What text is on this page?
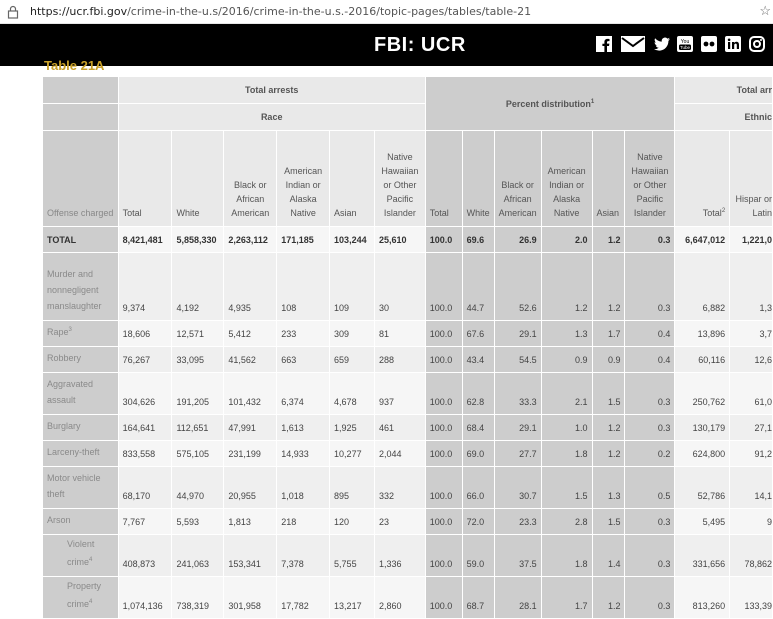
https://ucr.fbi.gov/crime-in-the-u.s/2016/crime-in-the-u.s.-2016/topic-pages/tables/table-21	☆
FBI: UCR	You
Tube
Table 21A
	Total arrests						Percent distribution$^1$						Total arr	
	Race												Ethnic	
Offense charged	Total	White	Black or African American	American Indian or Alaska Native	Asian	Native Hawaiian or Other Pacific Islander	Total	White	Black or African American	American Indian or Alaska Native	Asian	Native Hawaiian or Other Pacific Islander	Total$^2$	Hispar or Latin
TOTAL	8,421,481	5,858,330	2,263,112	171,185	103,244	25,610	100.0	69.6	26.9	2.0	1.2	0.3	6,647,012	1,221,0
Murder and nonnegligent manslaughter	9,374	4,192	4,935	108	109	30	100.0	44.7	52.6	1.2	1.2	0.3	6,882	1,3
Rape$^3$	18,606	12,571	5,412	233	309	81	100.0	67.6	29.1	1.3	1.7	0.4	13,896	3,7
Robbery	76,267	33,095	41,562	663	659	288	100.0	43.4	54.5	0.9	0.9	0.4	60,116	12,6
Aggravated assault	304,626	191,205	101,432	6,374	4,678	937	100.0	62.8	33.3	2.1	1.5	0.3	250,762	61,0
Burglary	164,641	112,651	47,991	1,613	1,925	461	100.0	68.4	29.1	1.0	1.2	0.3	130,179	27,1
Larceny-theft	833,558	575,105	231,199	14,933	10,277	2,044	100.0	69.0	27.7	1.8	1.2	0.2	624,800	91,2
Motor vehicle theft	68,170	44,970	20,955	1,018	895	332	100.0	66.0	30.7	1.5	1.3	0.5	52,786	14,1
Arson	7,767	5,593	1,813	218	120	23	100.0	72.0	23.3	2.8	1.5	0.3	5,495	9
Violent crime$^4$	408,873	241,063	153,341	7,378	5,755	1,336	100.0	59.0	37.5	1.8	1.4	0.3	331,656	78,862
Property crime$^4$	1,074,136	738,319	301,958	17,782	13,217	2,860	100.0	68.7	28.1	1.7	1.2	0.3	813,260	133,39
